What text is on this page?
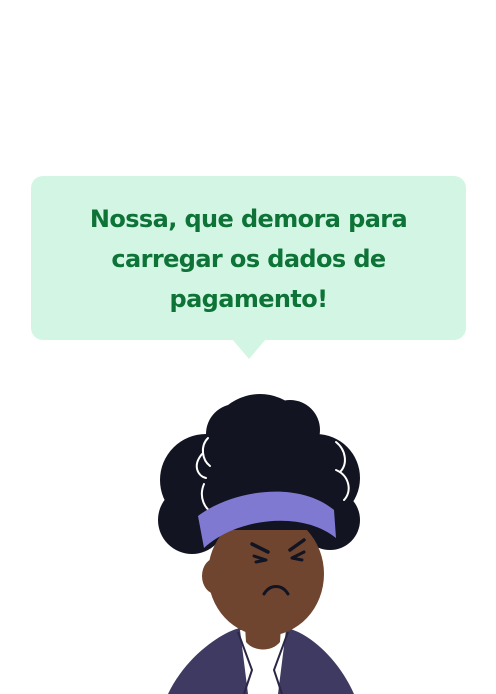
Nossa, que demora para carregar os dados de pagamento!
